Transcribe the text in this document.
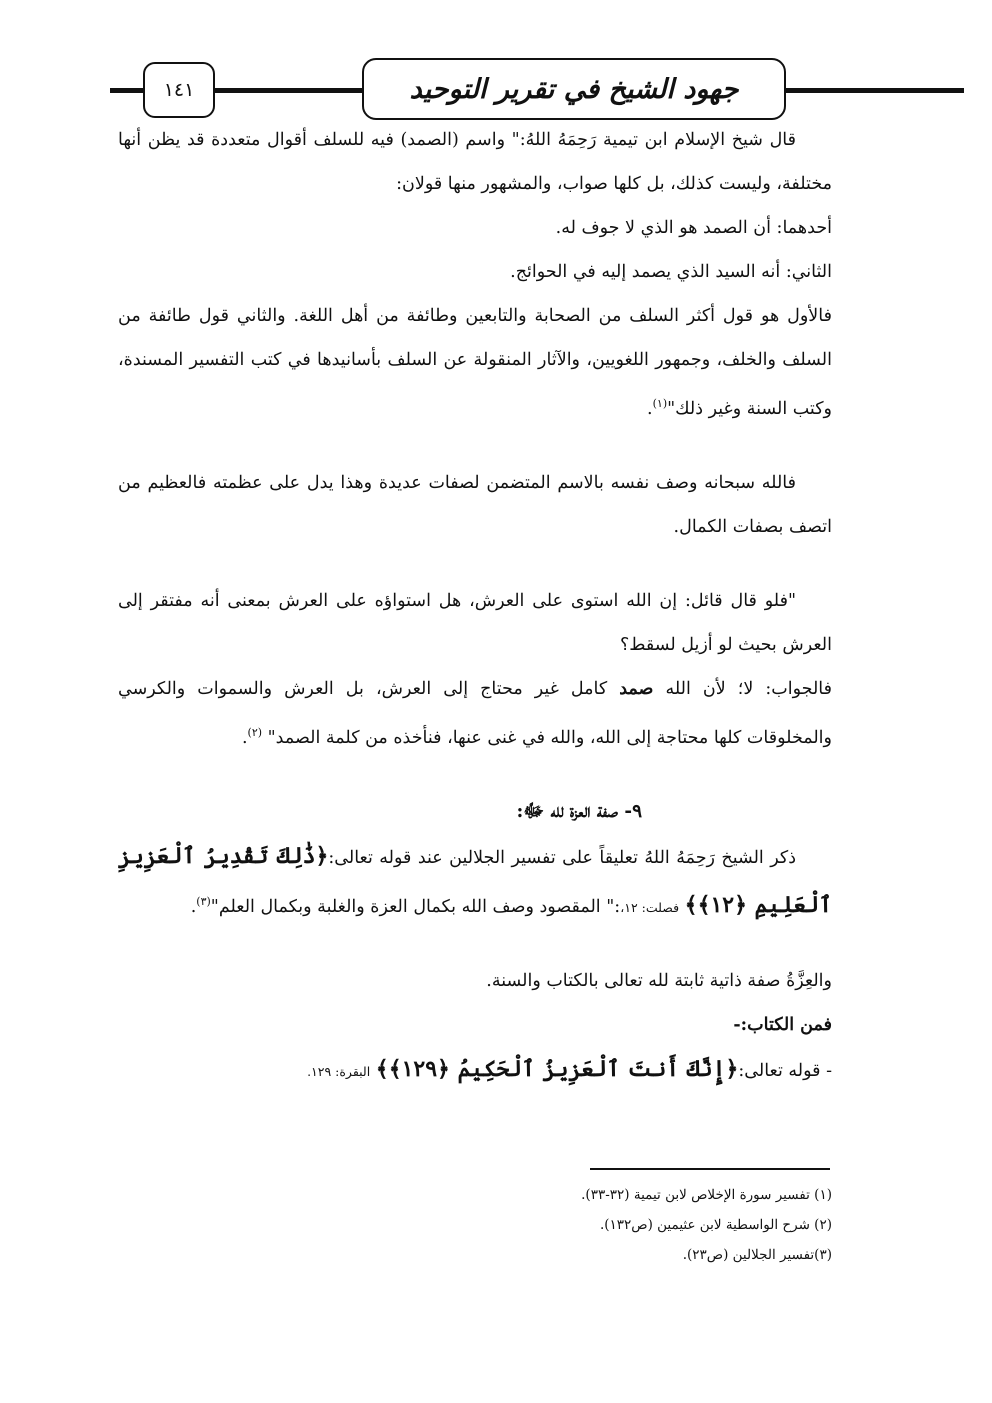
١٤١	جهود الشيخ في تقرير التوحيد

قال شيخ الإسلام ابن تيمية رَحِمَهُ اللهُ:" واسم (الصمد) فيه للسلف أقوال متعددة قد يظن أنها مختلفة، وليست كذلك، بل كلها صواب، والمشهور منها قولان:

أحدهما: أن الصمد هو الذي لا جوف له.

الثاني: أنه السيد الذي يصمد إليه في الحوائج.

فالأول هو قول أكثر السلف من الصحابة والتابعين وطائفة من أهل اللغة. والثاني قول طائفة من السلف والخلف، وجمهور اللغويين، والآثار المنقولة عن السلف بأسانيدها في كتب التفسير المسندة، وكتب السنة وغير ذلك"$^{(١)}$.

فالله سبحانه وصف نفسه بالاسم المتضمن لصفات عديدة وهذا يدل على عظمته فالعظيم من اتصف بصفات الكمال.

"فلو قال قائل: إن الله استوى على العرش، هل استواؤه على العرش بمعنى أنه مفتقر إلى العرش بحيث لو أزيل لسقط؟

فالجواب: لا؛ لأن الله صمد كامل غير محتاج إلى العرش، بل العرش والسموات والكرسي والمخلوقات كلها محتاجة إلى الله، والله في غنى عنها، فنأخذه من كلمة الصمد" $^{(٢)}$.

٩- صفة العزة لله ﷻ:

ذكر الشيخ رَحِمَهُ اللهُ تعليقاً على تفسير الجلالين عند قوله تعالى:﴿ذَٰلِكَ تَقْدِيرُ ٱلْعَزِيزِ ٱلْعَلِيمِ ﴿١٢﴾﴾ فصلت: ١٢،:" المقصود وصف الله بكمال العزة والغلبة وبكمال العلم"$^{(٣)}$.

والعِزَّةُ صفة ذاتية ثابتة لله تعالى بالكتاب والسنة.

فمن الكتاب:-

- قوله تعالى:﴿إِنَّكَ أَنتَ ٱلْعَزِيزُ ٱلْحَكِيمُ ﴿١٢٩﴾﴾ البقرة: ١٢٩.

(١) تفسير سورة الإخلاص لابن تيمية (٣٢-٣٣).

(٢) شرح الواسطية لابن عثيمين (ص١٣٢).

(٣)تفسير الجلالين (ص٢٣).
